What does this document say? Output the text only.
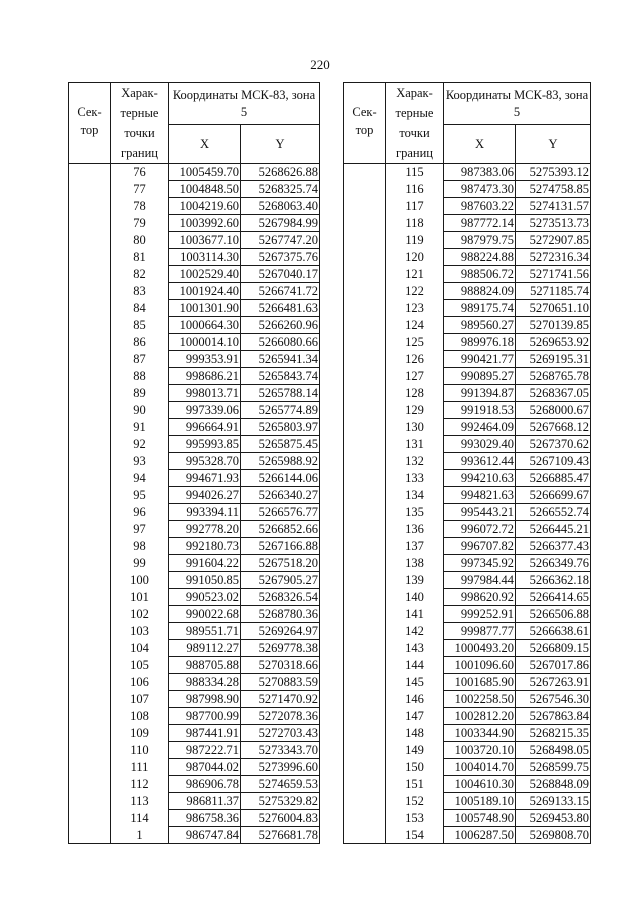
220
Сек-тор	Харак-терные точки границ	Координаты МСК-83, зона 5	
		X	Y
	76	1005459.70	5268626.88
	77	1004848.50	5268325.74
	78	1004219.60	5268063.40
	79	1003992.60	5267984.99
	80	1003677.10	5267747.20
	81	1003114.30	5267375.76
	82	1002529.40	5267040.17
	83	1001924.40	5266741.72
	84	1001301.90	5266481.63
	85	1000664.30	5266260.96
	86	1000014.10	5266080.66
	87	999353.91	5265941.34
	88	998686.21	5265843.74
	89	998013.71	5265788.14
	90	997339.06	5265774.89
	91	996664.91	5265803.97
	92	995993.85	5265875.45
	93	995328.70	5265988.92
	94	994671.93	5266144.06
	95	994026.27	5266340.27
	96	993394.11	5266576.77
	97	992778.20	5266852.66
	98	992180.73	5267166.88
	99	991604.22	5267518.20
	100	991050.85	5267905.27
	101	990523.02	5268326.54
	102	990022.68	5268780.36
	103	989551.71	5269264.97
	104	989112.27	5269778.38
	105	988705.88	5270318.66
	106	988334.28	5270883.59
	107	987998.90	5271470.92
	108	987700.99	5272078.36
	109	987441.91	5272703.43
	110	987222.71	5273343.70
	111	987044.02	5273996.60
	112	986906.78	5274659.53
	113	986811.37	5275329.82
	114	986758.36	5276004.83
	1	986747.84	5276681.78
Сек-тор	Харак-терные точки границ	Координаты МСК-83, зона 5	
		X	Y
	115	987383.06	5275393.12
	116	987473.30	5274758.85
	117	987603.22	5274131.57
	118	987772.14	5273513.73
	119	987979.75	5272907.85
	120	988224.88	5272316.34
	121	988506.72	5271741.56
	122	988824.09	5271185.74
	123	989175.74	5270651.10
	124	989560.27	5270139.85
	125	989976.18	5269653.92
	126	990421.77	5269195.31
	127	990895.27	5268765.78
	128	991394.87	5268367.05
	129	991918.53	5268000.67
	130	992464.09	5267668.12
	131	993029.40	5267370.62
	132	993612.44	5267109.43
	133	994210.63	5266885.47
	134	994821.63	5266699.67
	135	995443.21	5266552.74
	136	996072.72	5266445.21
	137	996707.82	5266377.43
	138	997345.92	5266349.76
	139	997984.44	5266362.18
	140	998620.92	5266414.65
	141	999252.91	5266506.88
	142	999877.77	5266638.61
	143	1000493.20	5266809.15
	144	1001096.60	5267017.86
	145	1001685.90	5267263.91
	146	1002258.50	5267546.30
	147	1002812.20	5267863.84
	148	1003344.90	5268215.35
	149	1003720.10	5268498.05
	150	1004014.70	5268599.75
	151	1004610.30	5268848.09
	152	1005189.10	5269133.15
	153	1005748.90	5269453.80
	154	1006287.50	5269808.70
